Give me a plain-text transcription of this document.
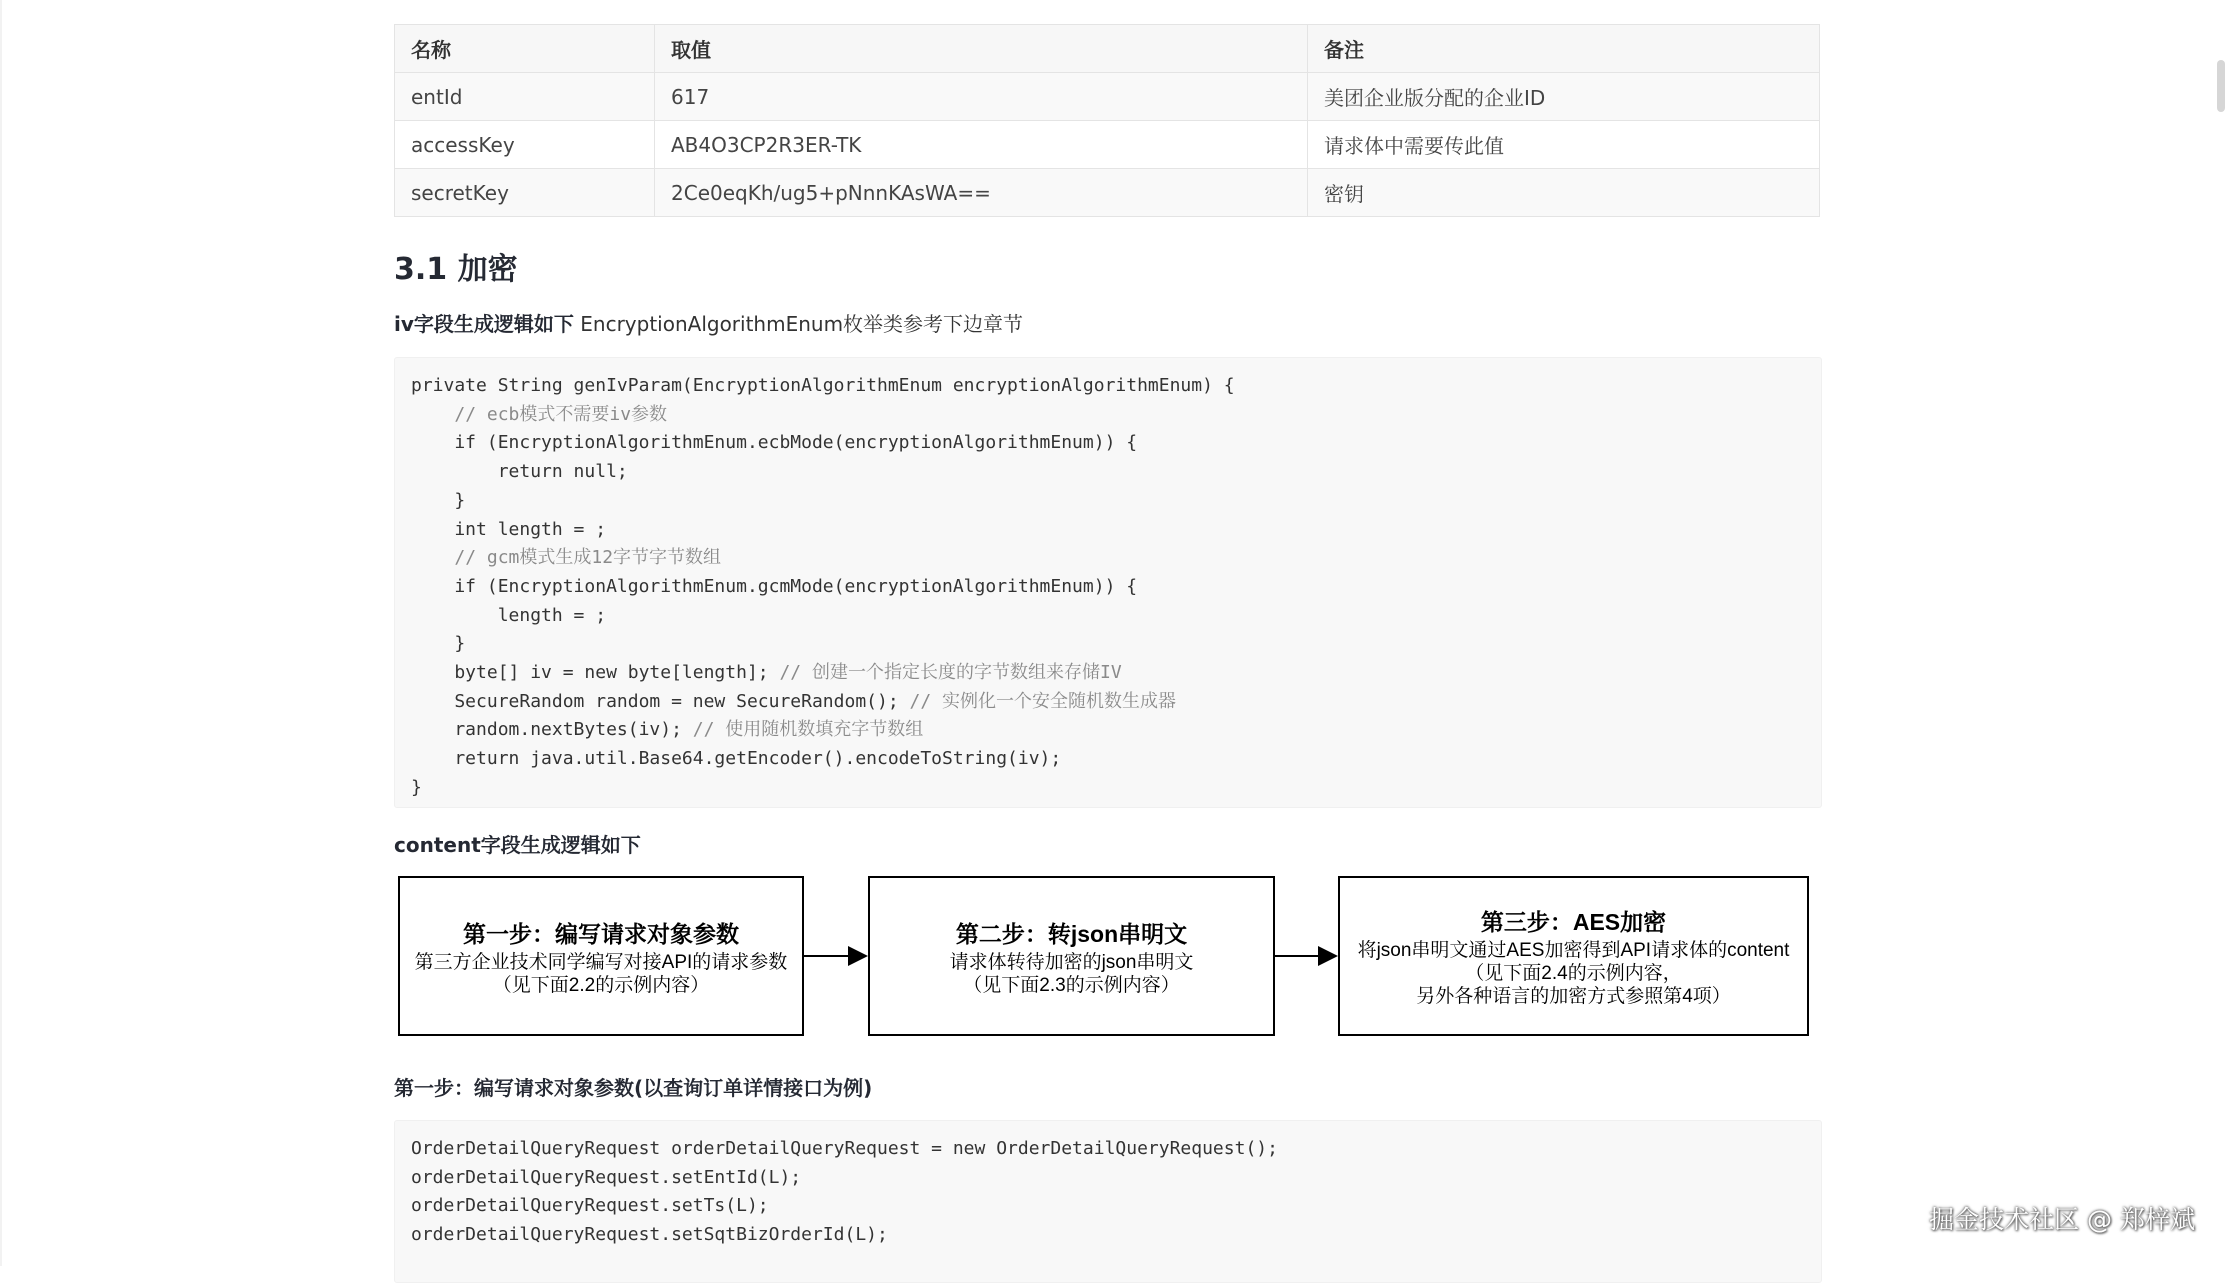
名称	取值	备注
entId	617	美团企业版分配的企业ID
accessKey	AB4O3CP2R3ER-TK	请求体中需要传此值
secretKey	2Ce0eqKh/ug5+pNnnKAsWA==	密钥
3.1 加密
iv字段生成逻辑如下 EncryptionAlgorithmEnum枚举类参考下边章节
private String genIvParam(EncryptionAlgorithmEnum encryptionAlgorithmEnum) {
// ecb模式不需要iv参数
if (EncryptionAlgorithmEnum.ecbMode(encryptionAlgorithmEnum)) {
return null;
}
int length = ;
// gcm模式生成12字节字节数组
if (EncryptionAlgorithmEnum.gcmMode(encryptionAlgorithmEnum)) {
length = ;
}
byte[] iv = new byte[length]; // 创建一个指定长度的字节数组来存储IV
SecureRandom random = new SecureRandom(); // 实例化一个安全随机数生成器
random.nextBytes(iv); // 使用随机数填充字节数组
return java.util.Base64.getEncoder().encodeToString(iv);
}
content字段生成逻辑如下
第一步：编写请求对象参数
第三方企业技术同学编写对接API的请求参数
（见下面2.2的示例内容）
第二步：转json串明文
请求体转待加密的json串明文
（见下面2.3的示例内容）
第三步：AES加密
将json串明文通过AES加密得到API请求体的content
（见下面2.4的示例内容，
另外各种语言的加密方式参照第4项）
第一步：编写请求对象参数(以查询订单详情接口为例)
OrderDetailQueryRequest orderDetailQueryRequest = new OrderDetailQueryRequest();
orderDetailQueryRequest.setEntId(L);
orderDetailQueryRequest.setTs(L);
orderDetailQueryRequest.setSqtBizOrderId(L);
掘金技术社区 @ 郑梓斌
